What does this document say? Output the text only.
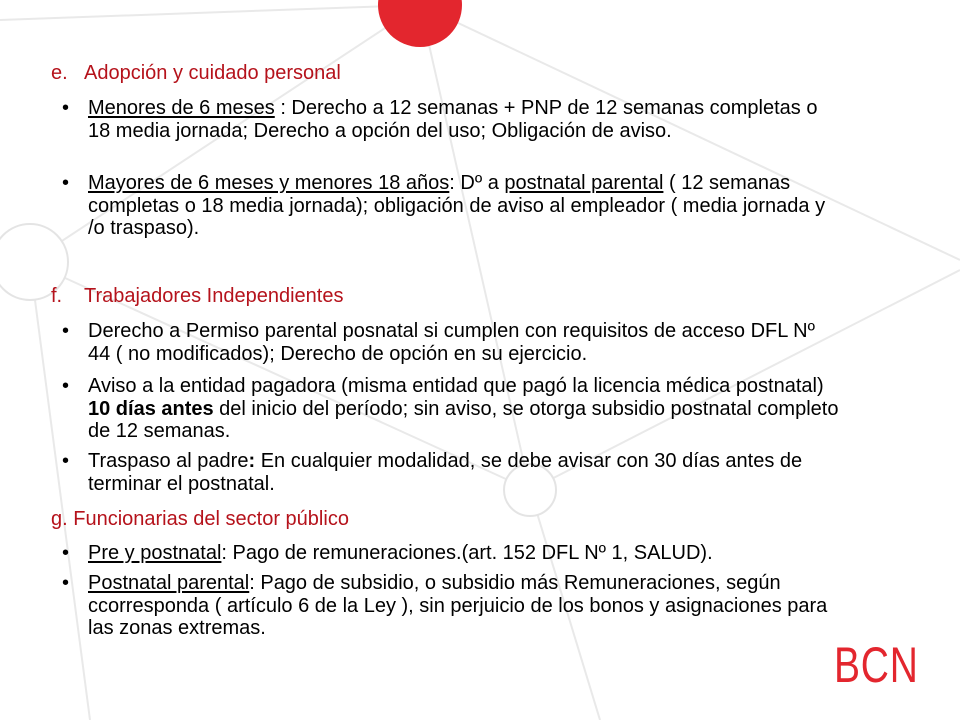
e. Adopción y cuidado personal
• Menores de 6 meses : Derecho a 12 semanas + PNP de 12 semanas completas o 18 media jornada; Derecho a opción del uso; Obligación de aviso.
• Mayores de 6 meses y menores 18 años: Dº a postnatal parental ( 12 semanas completas o 18 media jornada); obligación de aviso al empleador ( media jornada y /o traspaso).
f. Trabajadores Independientes
• Derecho a Permiso parental posnatal si cumplen con requisitos de acceso DFL Nº 44 ( no modificados); Derecho de opción en su ejercicio.
• Aviso a la entidad pagadora (misma entidad que pagó la licencia médica postnatal) 10 días antes del inicio del período; sin aviso, se otorga subsidio postnatal completo de 12 semanas.
• Traspaso al padre: En cualquier modalidad, se debe avisar con 30 días antes de terminar el postnatal.
g. Funcionarias del sector público
• Pre y postnatal: Pago de remuneraciones.(art. 152 DFL Nº 1, SALUD).
• Postnatal parental: Pago de subsidio, o subsidio más Remuneraciones, según ccorresponda ( artículo 6 de la Ley ), sin perjuicio de los bonos y asignaciones para las zonas extremas.
BCN
